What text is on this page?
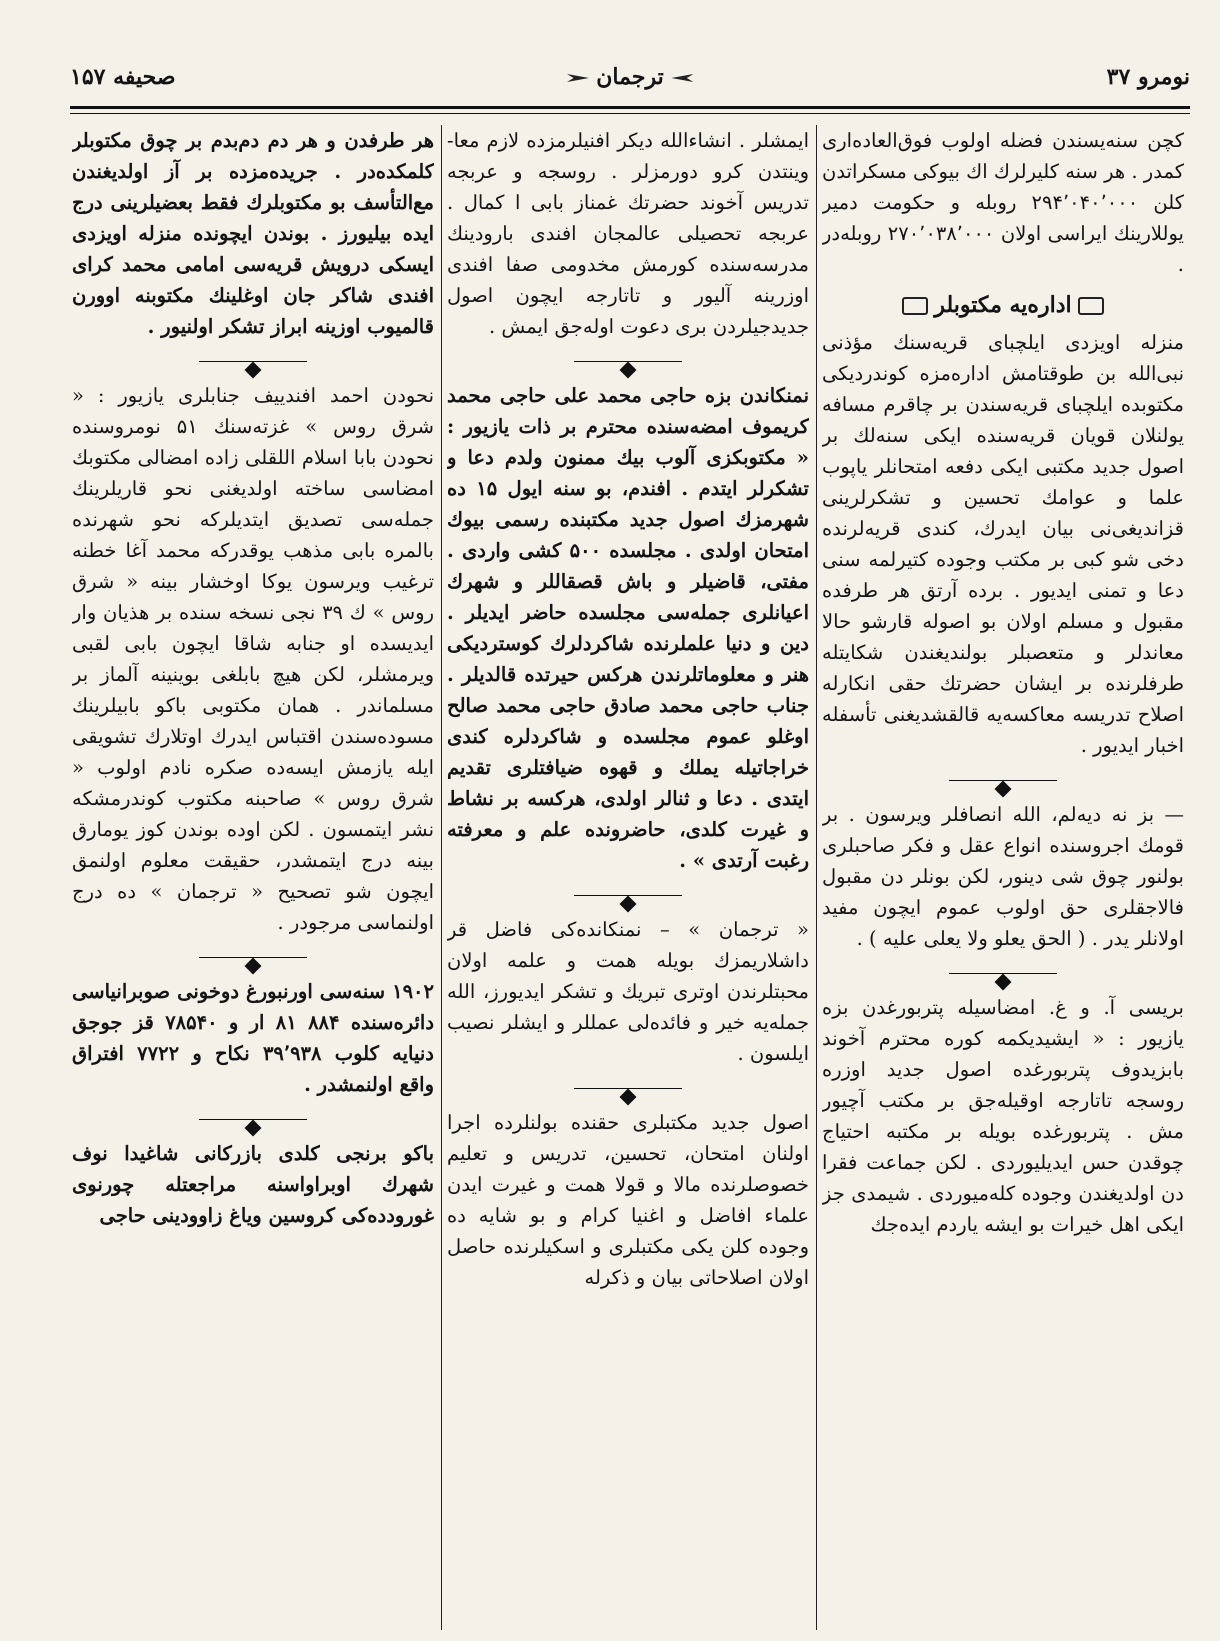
نومرو ۳۷
ترجمان
صحیفه ۱۵۷

کچن سنه‌یسندن فضله اولوب فوق‌العاده‌اری کمدر . هر سنه کلیرلرك اك بیوکی مسکراتدن کلن ۲۹۴٬۰۴۰٬۰۰۰ روبله و حکومت دمیر یوللارینك ایراسی اولان ۲۷۰٬۰۳۸٬۰۰۰ روبله‌در .

اداره‌یه مکتوبلر

منزله اویزدی ایلچبای قریه‌سنك مؤذنی نبی‌الله بن طوقتامش اداره‌مزه کوندردیکی مکتوبده ایلچبای قریه‌سندن بر چاقرم مسافه یولنلان قویان قریه‌سنده ایکی سنه‌لك بر اصول جدید مکتبی ایکی دفعه امتحانلر یاپوب علما و عوامك تحسین و تشکرلرینی قزاندیغی‌نی بیان ایدرك، کندی قریه‌لرنده دخی شو کبی بر مکتب وجوده کتیرلمه سنی دعا و تمنی ایدیور . برده آرتق هر طرفده مقبول و مسلم اولان بو اصوله قارشو حالا معاندلر و متعصبلر بولندیغندن شکایتله طرفلرنده بر ایشان حضرتك حقی انکارله اصلاح تدریسه معاکسه‌یه قالقشدیغنی تأسفله اخبار ایدیور .

— بز نه دیه‌لم، الله انصافلر ویرسون . بر قومك اجروسنده انواع عقل و فکر صاحبلری بولنور چوق شی دینور، لکن بونلر دن مقبول فالاجقلری حق اولوب عموم ایچون مفید اولانلر یدر . ( الحق یعلو ولا یعلی علیه ) .

بریسی آ. و غ. امضاسیله پتربورغدن بزه یازیور : « ایشیدیکمه کوره محترم آخوند بابزیدوف پتربورغده اصول جدید اوزره روسجه تاتارجه اوقیله‌جق بر مکتب آچیور مش . پتربورغده بویله بر مکتبه احتیاج چوقدن حس ایدیلیوردی . لکن جماعت فقرا دن اولدیغندن وجوده کله‌میوردی . شیمدی جز ایکی اهل خیرات بو ایشه یاردم ایده‌جك

ایمشلر . انشاءالله دیکر افنیلرمزده لازم معا- وینتدن کرو دورمزلر . روسجه و عربجه تدریس آخوند حضرتك غمناز بابی ا کمال . عربجه تحصیلی عالمجان افندی بارودینك مدرسه‌سنده کورمش مخدومی صفا افندی اوزرینه آلیور و تاتارجه ایچون اصول جدیدجیلردن بری دعوت اوله‌جق ایمش .

نمنکاندن بزه حاجی محمد علی حاجی محمد کریموف امضه‌سنده محترم بر ذات یازیور : « مکتوبکزی آلوب بیك ممنون ولدم دعا و تشکرلر ایتدم . افندم، بو سنه ایول ۱۵ ده شهرمزك اصول جدید مکتبنده رسمی بیوك امتحان اولدی . مجلسده ۵۰۰ کشی واردی . مفتی، قاضیلر و باش قصقاللر و شهرك اعیانلری جمله‌سی مجلسده حاضر ایدیلر . دین و دنیا علملرنده شاکردلرك کوستردیکی هنر و معلوماتلرندن هرکس حیرتده قالدیلر . جناب حاجی محمد صادق حاجی محمد صالح اوغلو عموم مجلسده و شاکردلره کندی خراجاتیله یملك و قهوه ضیافتلری تقدیم ایتدی . دعا و ثنالر اولدی، هرکسه بر نشاط و غیرت کلدی، حاضرونده علم و معرفته رغبت آرتدی » .

« ترجمان » – نمنکانده‌کی فاضل قر داشلاریمزك بویله همت و علمه اولان محبتلرندن اوتری تبریك و تشکر ایدیورز، الله جمله‌یه خیر و فائده‌لی عمللر و ایشلر نصیب ایلسون .

اصول جدید مکتبلری حقنده بولنلرده اجرا اولنان امتحان، تحسین، تدریس و تعلیم خصوصلرنده مالا و قولا همت و غیرت ایدن علماء افاضل و اغنیا کرام و بو شایه ده وجوده کلن یکی مکتبلری و اسکیلرنده حاصل اولان اصلاحاتی بیان و ذکرله

هر طرفدن و هر دم دم‌بدم بر چوق مکتوبلر کلمکده‌در . جریده‌مزده بر آز اولدیغندن مع‌التأسف بو مکتوبلرك فقط بعضیلرینی درج ایده بیلیورز . بوندن ایچونده منزله اویزدی ایسکی درویش قریه‌سی امامی محمد کرای افندی شاکر جان اوغلینك مکتوبنه اوورن قالمیوب اوزینه ابراز تشکر اولنیور .

نحودن احمد افندییف جنابلری یازیور : « شرق روس » غزته‌سنك ۵۱ نومروسنده نحودن بابا اسلام اللقلی زاده امضالی مکتوبك امضاسی ساخته اولدیغنی نحو قاریلرینك جمله‌سی تصدیق ایتدیلرکه نحو شهرنده بالمره بابی مذهب یوقدرکه محمد آغا خطنه ترغیب ویرسون یوکا اوخشار بینه « شرق روس » ك ۳۹ نجی نسخه سنده بر هذیان وار ایدیسده او جنابه شاقا ایچون بابی لقبی ویرمشلر، لکن هیچ بابلغی بوینینه آلماز بر مسلماندر . همان مکتوبی باکو بابیلرینك مسوده‌سندن اقتباس ایدرك اوتلارك تشویقی ایله یازمش ایسه‌ده صکره نادم اولوب « شرق روس » صاحبنه مکتوب کوندرمشکه نشر ایتمسون . لکن اوده بوندن کوز یومارق بینه درج ایتمشدر، حقیقت معلوم اولنمق ایچون شو تصحیح « ترجمان » ده درج اولنماسی مرجودر .

۱۹۰۲ سنه‌سی اورنبورغ دوخونی صوبرانیاسی دائره‌سنده ۸۸۴ ۸۱ ار و ۷۸۵۴۰ قز جوجق دنیایه کلوب ۳۹٬۹۳۸ نکاح و ۷۷۲۲ افتراق واقع اولنمشدر .

باکو برنجی کلدی بازرکانی شاغیدا نوف شهرك اوبراواسنه مراجعتله چورنوی غورودده‌کی کروسین ویاغ زاوودینی حاجی
